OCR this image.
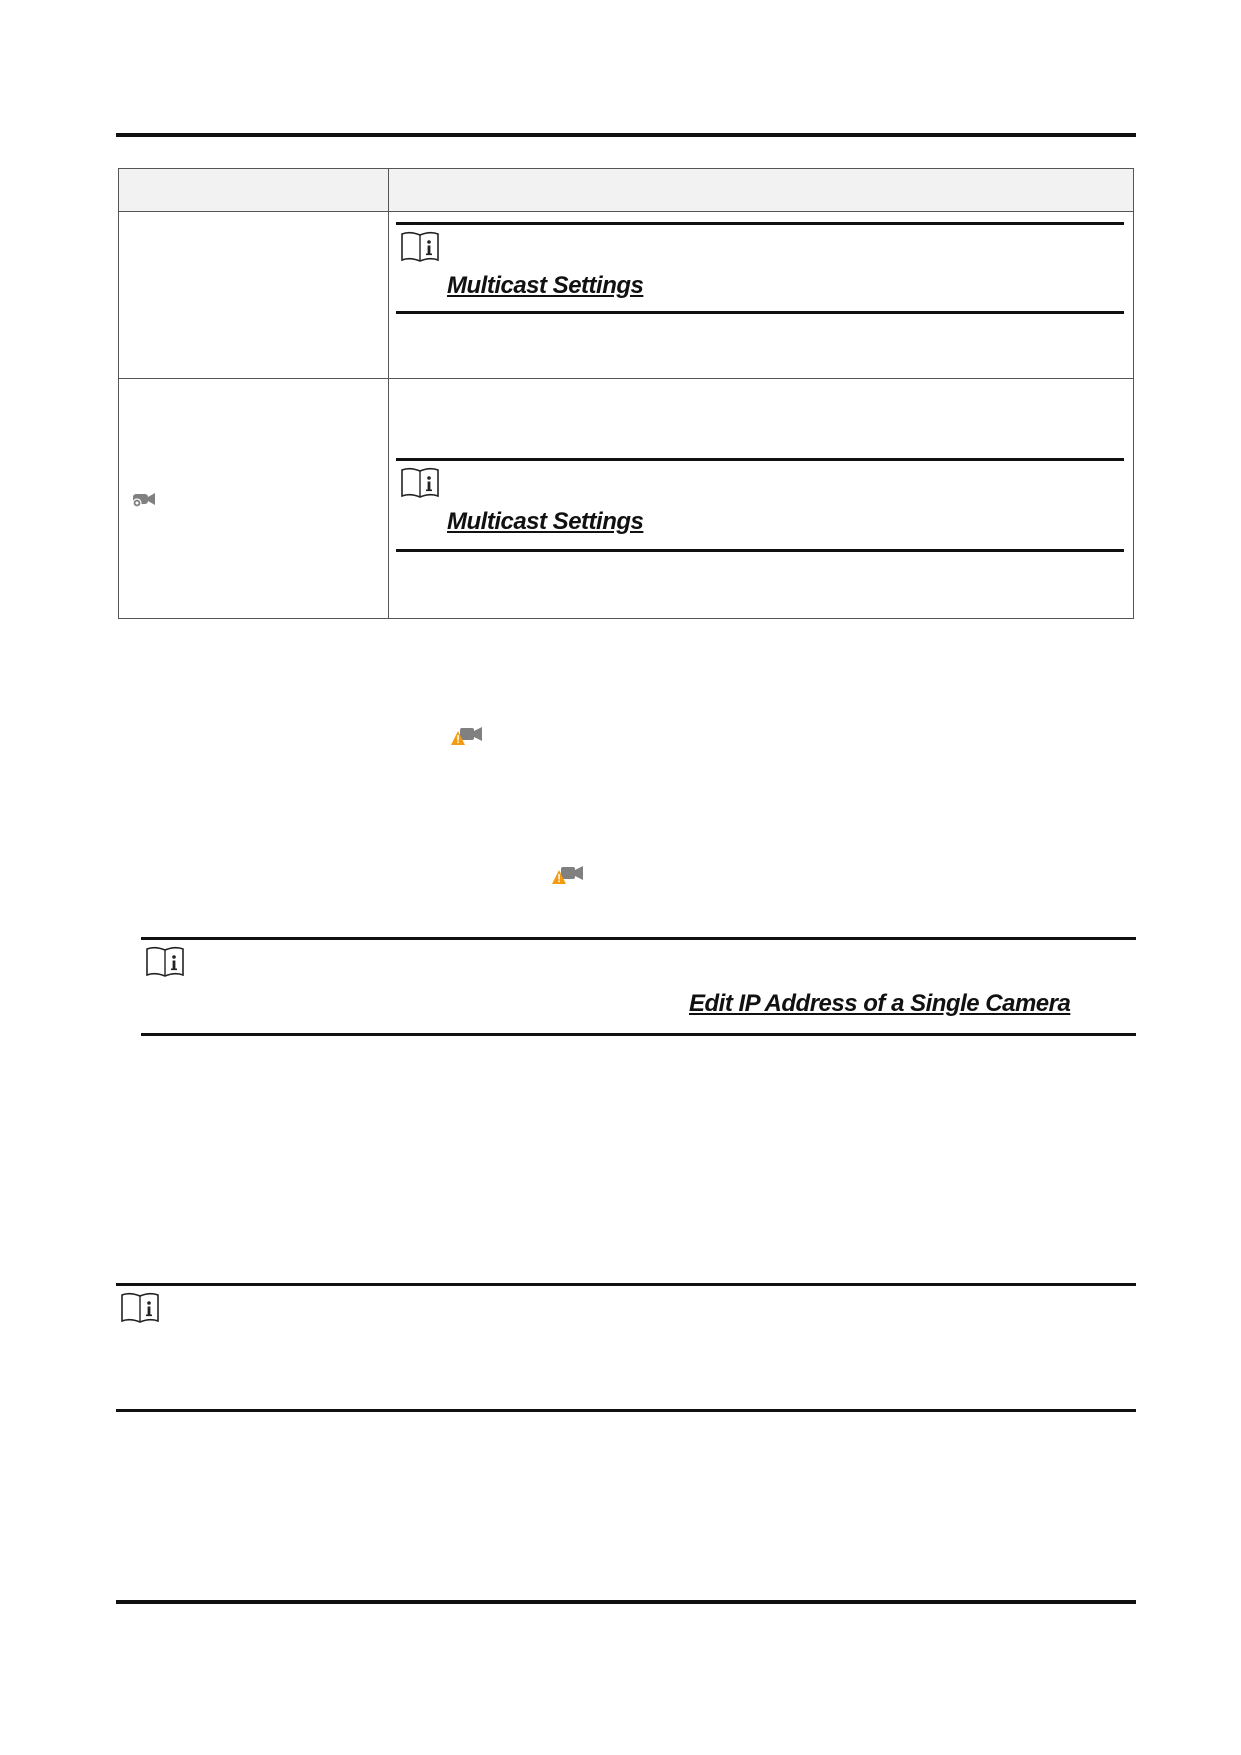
Multicast Settings
Multicast Settings
Edit IP Address of a Single Camera
